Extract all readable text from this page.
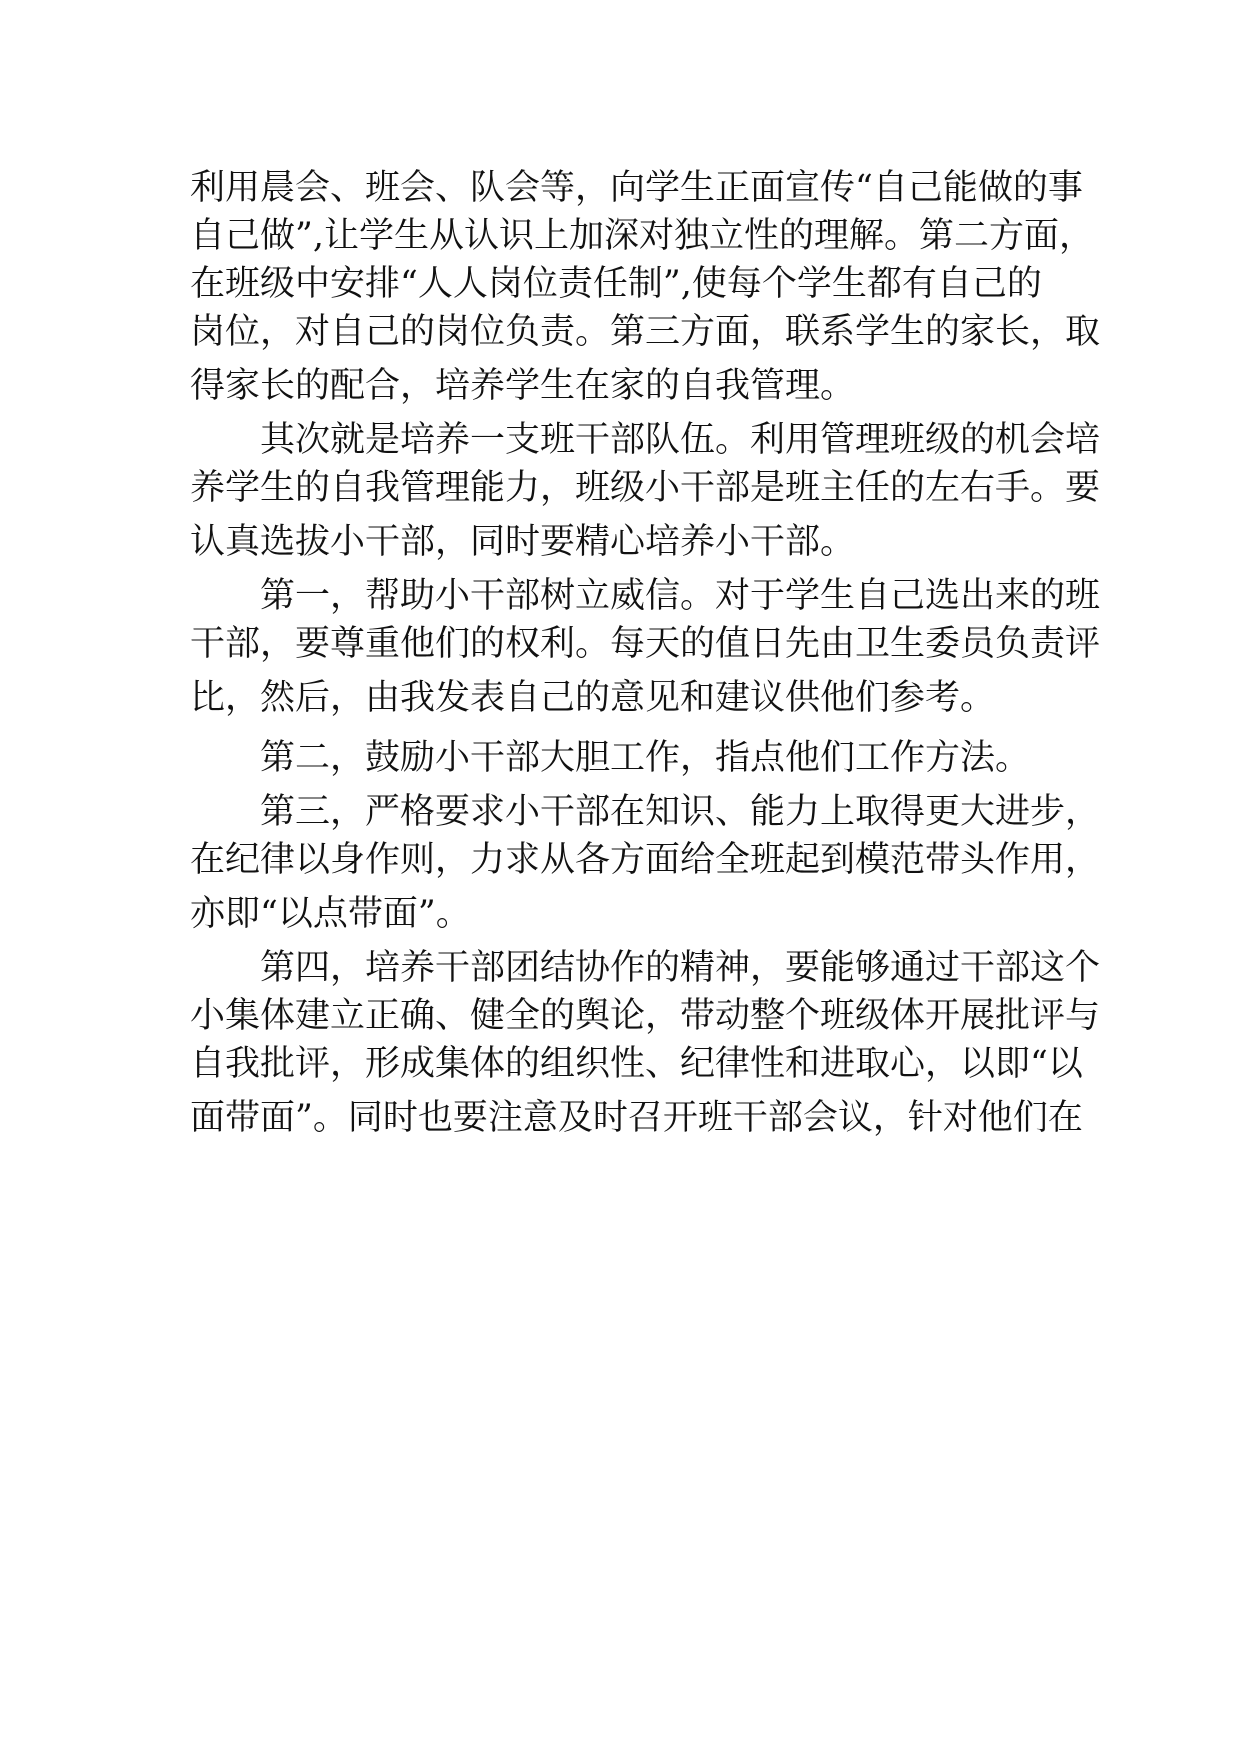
利用晨会、班会、队会等，向学生正面宣传“自己能做的事
自己做”,让学生从认识上加深对独立性的理解。第二方面，
在班级中安排“人人岗位责任制”,使每个学生都有自己的
岗位，对自己的岗位负责。第三方面，联系学生的家长，取
得家长的配合，培养学生在家的自我管理。
其次就是培养一支班干部队伍。利用管理班级的机会培
养学生的自我管理能力，班级小干部是班主任的左右手。要
认真选拔小干部，同时要精心培养小干部。
第一，帮助小干部树立威信。对于学生自己选出来的班
干部，要尊重他们的权利。每天的值日先由卫生委员负责评
比，然后，由我发表自己的意见和建议供他们参考。
第二，鼓励小干部大胆工作，指点他们工作方法。
第三，严格要求小干部在知识、能力上取得更大进步，
在纪律以身作则，力求从各方面给全班起到模范带头作用，
亦即“以点带面”。
第四，培养干部团结协作的精神，要能够通过干部这个
小集体建立正确、健全的舆论，带动整个班级体开展批评与
自我批评，形成集体的组织性、纪律性和进取心，以即“以
面带面”。同时也要注意及时召开班干部会议，针对他们在
